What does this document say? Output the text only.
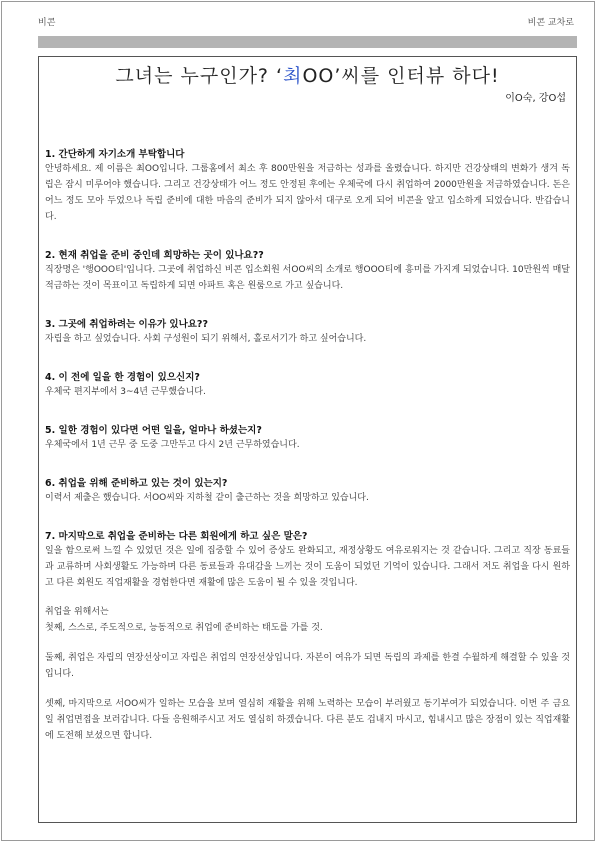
비콘	비콘 교차로
그녀는 누구인가? ‘최OO’씨를 인터뷰 하다!
이O숙, 강O섭
1. 간단하게 자기소개 부탁합니다
안녕하세요. 제 이름은 최OO입니다. 그룹홈에서 최소 후 800만원을 저금하는 성과를 올렸습니다. 하지만 건강상태의 변화가 생겨 독립은 잠시 미루어야 했습니다. 그리고 건강상태가 어느 정도 안정된 후에는 우체국에 다시 취업하여 2000만원을 저금하였습니다. 돈은 어느 정도 모아 두었으나 독립 준비에 대한 마음의 준비가 되지 않아서 대구로 오게 되어 비콘을 알고 입소하게 되었습니다. 반갑습니다.
2. 현재 취업을 준비 중인데 희망하는 곳이 있나요??
직장명은 '행OOO티'입니다. 그곳에 취업하신 비콘 입소회원 서OO씨의 소개로 행OOO티에 흥미를 가지게 되었습니다. 10만원씩 매달 적금하는 것이 목표이고 독립하게 되면 아파트 혹은 원룸으로 가고 싶습니다.
3. 그곳에 취업하려는 이유가 있나요??
자립을 하고 싶었습니다. 사회 구성원이 되기 위해서, 홀로서기가 하고 싶어습니다.
4. 이 전에 일을 한 경험이 있으신지?
우체국 편지부에서 3~4년 근무했습니다.
5. 일한 경험이 있다면 어떤 일을, 얼마나 하셨는지?
우체국에서 1년 근무 중 도중 그만두고 다시 2년 근무하였습니다.
6. 취업을 위해 준비하고 있는 것이 있는지?
이력서 제출은 했습니다. 서OO씨와 지하철 같이 출근하는 것을 희망하고 있습니다.
7. 마지막으로 취업을 준비하는 다른 회원에게 하고 싶은 말은?
일을 함으로써 느낄 수 있었던 것은 일에 집중할 수 있어 증상도 완화되고, 재정상황도 여유로워지는 것 같습니다. 그리고 직장 동료들과 교류하며 사회생활도 가능하며 다른 동료들과 유대감을 느끼는 것이 도움이 되었던 기억이 있습니다. 그래서 저도 취업을 다시 원하고 다른 회원도 직업재활을 경험한다면 재활에 많은 도움이 될 수 있을 것입니다.
취업을 위해서는
첫째, 스스로, 주도적으로, 능동적으로 취업에 준비하는 태도를 가를 것.
둘째, 취업은 자립의 연장선상이고 자립은 취업의 연장선상입니다. 자본이 여유가 되면 독립의 과제를 한결 수월하게 해결할 수 있을 것입니다.
셋째, 마지막으로 서OO씨가 일하는 모습을 보며 열심히 재활을 위해 노력하는 모습이 부러웠고 동기부여가 되었습니다. 이번 주 금요일 취업면접을 보러갑니다. 다들 응원해주시고 저도 열심히 하겠습니다. 다른 분도 겁내지 마시고, 힘내시고 많은 장점이 있는 직업재활에 도전해 보셨으면 합니다.
